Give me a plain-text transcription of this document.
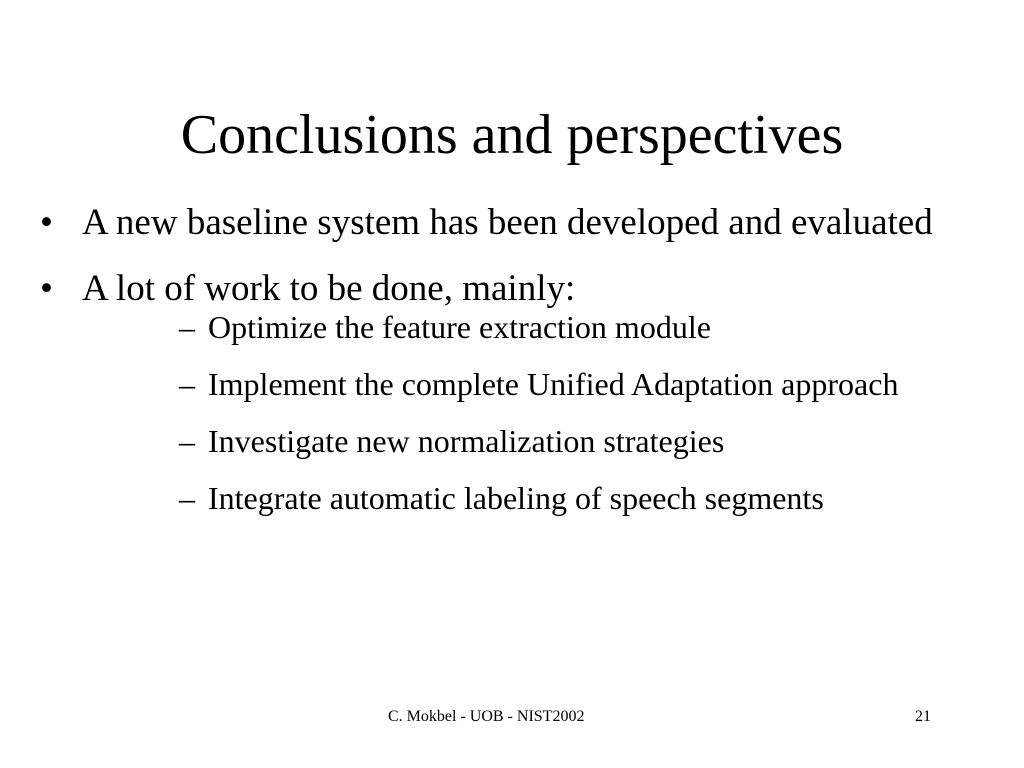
Conclusions and perspectives
• A new baseline system has been developed and evaluated
• A lot of work to be done, mainly:
– Optimize the feature extraction module
– Implement the complete Unified Adaptation approach
– Investigate new normalization strategies
– Integrate automatic labeling of speech segments
C. Mokbel - UOB - NIST2002	21
